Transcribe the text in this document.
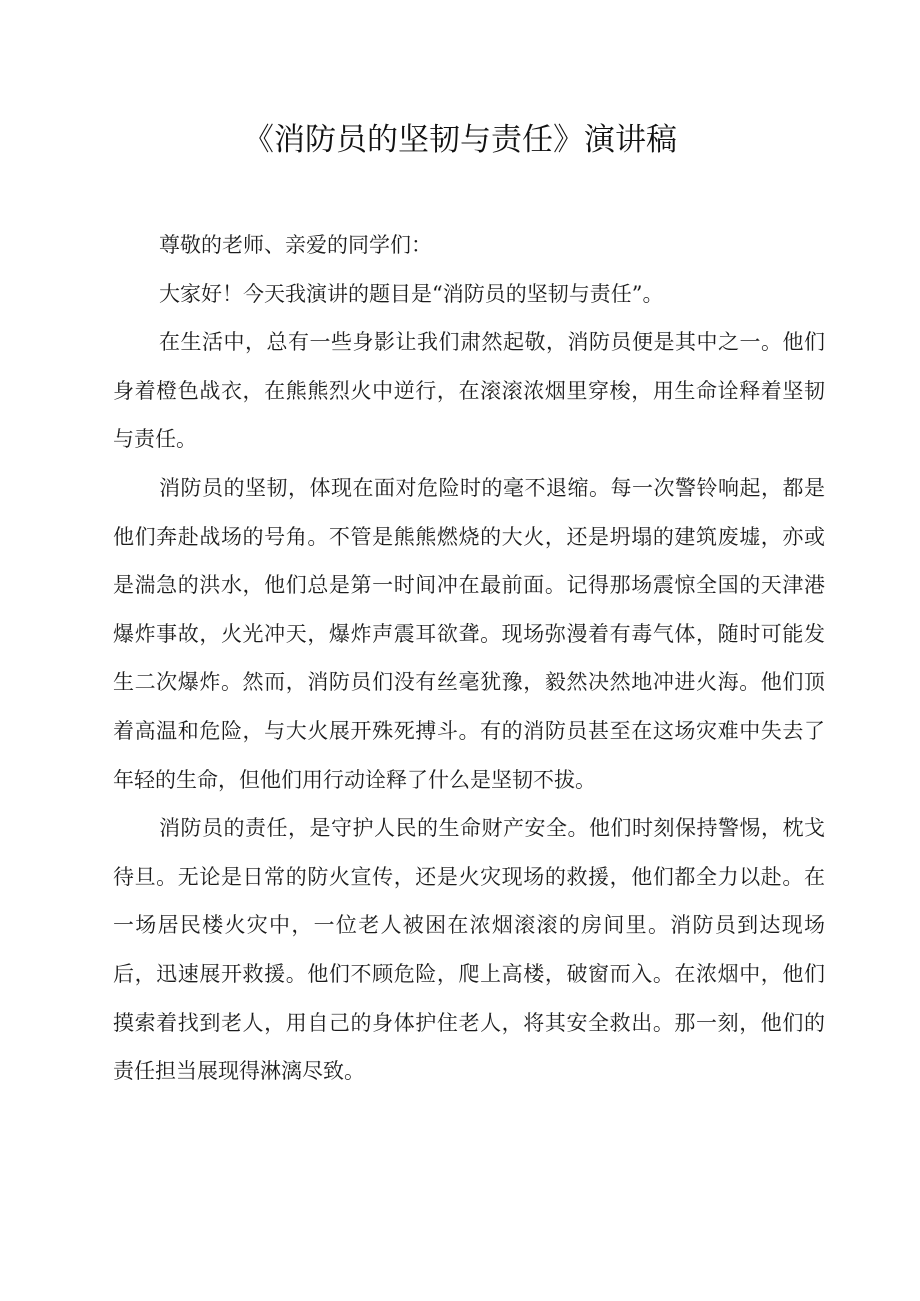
《消防员的坚韧与责任》演讲稿

尊敬的老师、亲爱的同学们：

大家好！今天我演讲的题目是“消防员的坚韧与责任”。

在生活中，总有一些身影让我们肃然起敬，消防员便是其中之一。他们身着橙色战衣，在熊熊烈火中逆行，在滚滚浓烟里穿梭，用生命诠释着坚韧与责任。

消防员的坚韧，体现在面对危险时的毫不退缩。每一次警铃响起，都是他们奔赴战场的号角。不管是熊熊燃烧的大火，还是坍塌的建筑废墟，亦或是湍急的洪水，他们总是第一时间冲在最前面。记得那场震惊全国的天津港爆炸事故，火光冲天，爆炸声震耳欲聋。现场弥漫着有毒气体，随时可能发生二次爆炸。然而，消防员们没有丝毫犹豫，毅然决然地冲进火海。他们顶着高温和危险，与大火展开殊死搏斗。有的消防员甚至在这场灾难中失去了年轻的生命，但他们用行动诠释了什么是坚韧不拔。

消防员的责任，是守护人民的生命财产安全。他们时刻保持警惕，枕戈待旦。无论是日常的防火宣传，还是火灾现场的救援，他们都全力以赴。在一场居民楼火灾中，一位老人被困在浓烟滚滚的房间里。消防员到达现场后，迅速展开救援。他们不顾危险，爬上高楼，破窗而入。在浓烟中，他们摸索着找到老人，用自己的身体护住老人，将其安全救出。那一刻，他们的责任担当展现得淋漓尽致。
